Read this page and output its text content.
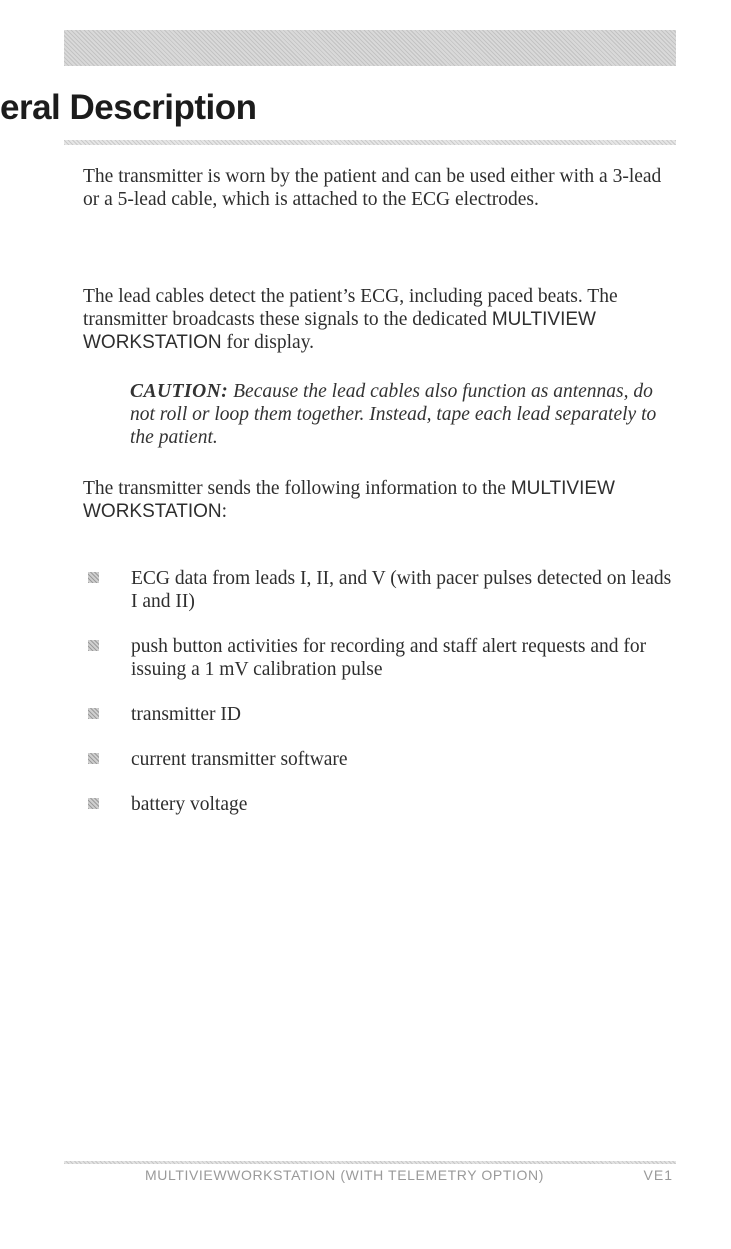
eral Description

The transmitter is worn by the patient and can be used either with a 3-lead or a 5-lead cable, which is attached to the ECG electrodes.

The lead cables detect the patient’s ECG, including paced beats. The transmitter broadcasts these signals to the dedicated MULTIVIEW WORKSTATION for display.

CAUTION: Because the lead cables also function as antennas, do not roll or loop them together. Instead, tape each lead separately to the patient.

The transmitter sends the following information to the MULTIVIEW WORKSTATION:

ECG data from leads I, II, and V (with pacer pulses detected on leads I and II)
push button activities for recording and staff alert requests and for issuing a 1 mV calibration pulse
transmitter ID
current transmitter software
battery voltage
MULTIVIEWWORKSTATION (WITH TELEMETRY OPTION)	VE1
